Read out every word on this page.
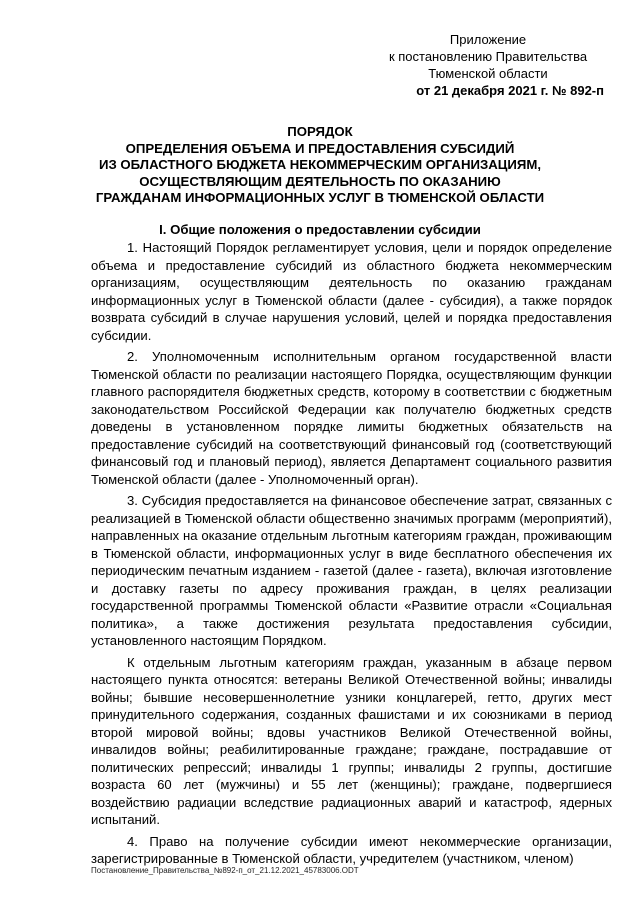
Приложение
к постановлению Правительства
Тюменской области
от 21 декабря 2021 г. № 892-п
ПОРЯДОК
ОПРЕДЕЛЕНИЯ ОБЪЕМА И ПРЕДОСТАВЛЕНИЯ СУБСИДИЙ
ИЗ ОБЛАСТНОГО БЮДЖЕТА НЕКОММЕРЧЕСКИМ ОРГАНИЗАЦИЯМ,
ОСУЩЕСТВЛЯЮЩИМ ДЕЯТЕЛЬНОСТЬ ПО ОКАЗАНИЮ
ГРАЖДАНАМ ИНФОРМАЦИОННЫХ УСЛУГ В ТЮМЕНСКОЙ ОБЛАСТИ
I. Общие положения о предоставлении субсидии

1. Настоящий Порядок регламентирует условия, цели и порядок определение объема и предоставление субсидий из областного бюджета некоммерческим организациям, осуществляющим деятельность по оказанию гражданам информационных услуг в Тюменской области (далее - субсидия), а также порядок возврата субсидий в случае нарушения условий, целей и порядка предоставления субсидии.

2. Уполномоченным исполнительным органом государственной власти Тюменской области по реализации настоящего Порядка, осуществляющим функции главного распорядителя бюджетных средств, которому в соответствии с бюджетным законодательством Российской Федерации как получателю бюджетных средств доведены в установленном порядке лимиты бюджетных обязательств на предоставление субсидий на соответствующий финансовый год (соответствующий финансовый год и плановый период), является Департамент социального развития Тюменской области (далее - Уполномоченный орган).

3. Субсидия предоставляется на финансовое обеспечение затрат, связанных с реализацией в Тюменской области общественно значимых программ (мероприятий), направленных на оказание отдельным льготным категориям граждан, проживающим в Тюменской области, информационных услуг в виде бесплатного обеспечения их периодическим печатным изданием - газетой (далее - газета), включая изготовление и доставку газеты по адресу проживания граждан, в целях реализации государственной программы Тюменской области «Развитие отрасли «Социальная политика», а также достижения результата предоставления субсидии, установленного настоящим Порядком.

К отдельным льготным категориям граждан, указанным в абзаце первом настоящего пункта относятся: ветераны Великой Отечественной войны; инвалиды войны; бывшие несовершеннолетние узники концлагерей, гетто, других мест принудительного содержания, созданных фашистами и их союзниками в период второй мировой войны; вдовы участников Великой Отечественной войны, инвалидов войны; реабилитированные граждане; граждане, пострадавшие от политических репрессий; инвалиды 1 группы; инвалиды 2 группы, достигшие возраста 60 лет (мужчины) и 55 лет (женщины); граждане, подвергшиеся воздействию радиации вследствие радиационных аварий и катастроф, ядерных испытаний.

4. Право на получение субсидии имеют некоммерческие организации, зарегистрированные в Тюменской области, учредителем (участником, членом)

Постановление_Правительства_№892-п_от_21.12.2021_45783006.ODT
